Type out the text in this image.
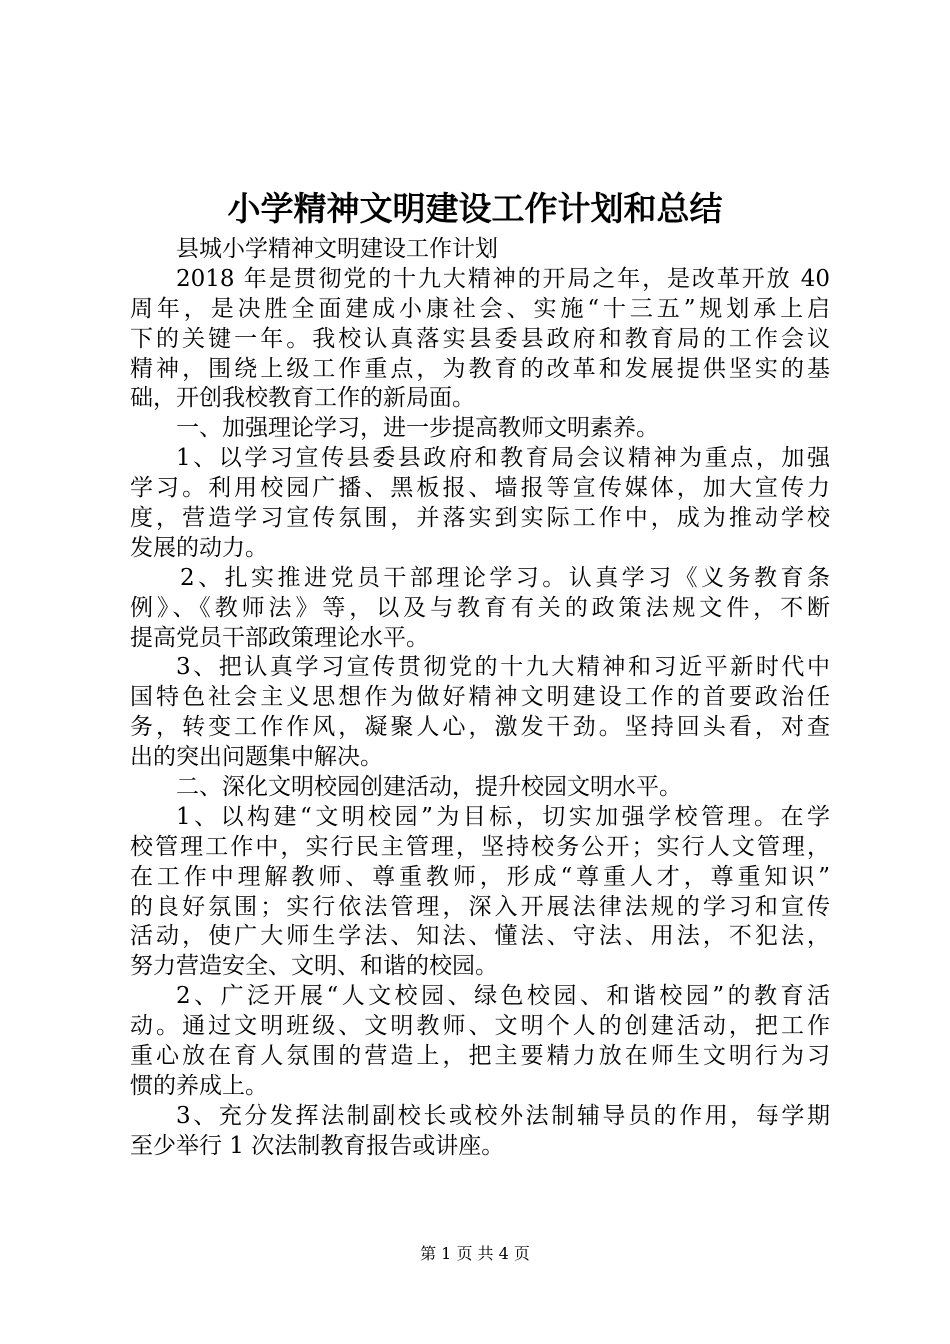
小学精神文明建设工作计划和总结
县城小学精神文明建设工作计划
2018 年是贯彻党的十九大精神的开局之年，是改革开放 40
周年，是决胜全面建成小康社会、实施“十三五”规划承上启
下的关键一年。我校认真落实县委县政府和教育局的工作会议
精神，围绕上级工作重点，为教育的改革和发展提供坚实的基
础，开创我校教育工作的新局面。
一、加强理论学习，进一步提高教师文明素养。
1、以学习宣传县委县政府和教育局会议精神为重点，加强
学习。利用校园广播、黑板报、墙报等宣传媒体，加大宣传力
度，营造学习宣传氛围，并落实到实际工作中，成为推动学校
发展的动力。
2、扎实推进党员干部理论学习。认真学习《义务教育条
例》、《教师法》等，以及与教育有关的政策法规文件，不断
提高党员干部政策理论水平。
3、把认真学习宣传贯彻党的十九大精神和习近平新时代中
国特色社会主义思想作为做好精神文明建设工作的首要政治任
务，转变工作作风，凝聚人心，激发干劲。坚持回头看，对查
出的突出问题集中解决。
二、深化文明校园创建活动，提升校园文明水平。
1、以构建“文明校园”为目标，切实加强学校管理。在学
校管理工作中，实行民主管理，坚持校务公开；实行人文管理，
在工作中理解教师、尊重教师，形成“尊重人才，尊重知识”
的良好氛围；实行依法管理，深入开展法律法规的学习和宣传
活动，使广大师生学法、知法、懂法、守法、用法，不犯法，
努力营造安全、文明、和谐的校园。
2、广泛开展“人文校园、绿色校园、和谐校园”的教育活
动。通过文明班级、文明教师、文明个人的创建活动，把工作
重心放在育人氛围的营造上，把主要精力放在师生文明行为习
惯的养成上。
3、充分发挥法制副校长或校外法制辅导员的作用，每学期
至少举行 1 次法制教育报告或讲座。
第 1 页 共 4 页
